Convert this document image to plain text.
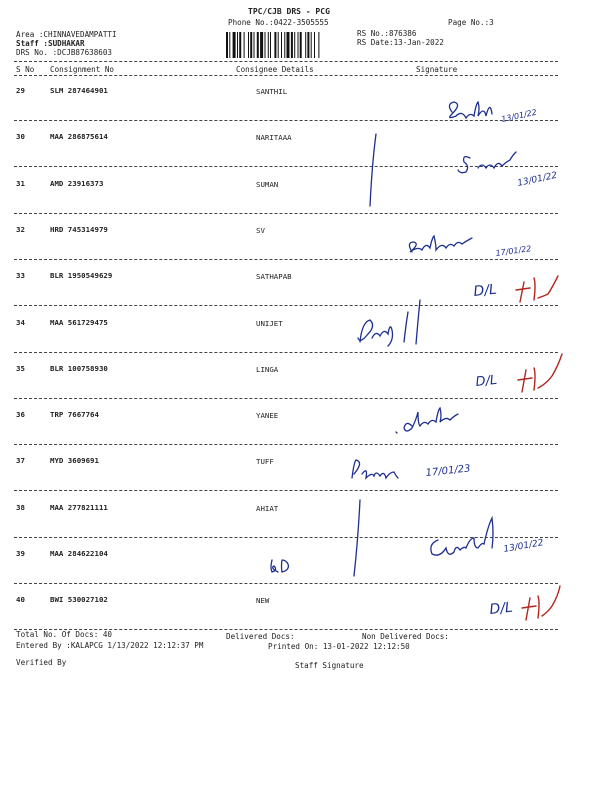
TPC/CJB DRS - PCG
Phone No.:0422-3505555	Page No.:3
Area :CHINNAVEDAMPATTI
Staff :SUDHAKAR
DRS No. :DCJB87638603
RS No.:876386
RS Date:13-Jan-2022
S No Consignment No	Consignee Details	Signature
29	SLM 287464901	SANTHIL
30	MAA 286875614	NARITAAA
31	AMD 23916373	SUMAN
32	HRD 745314979	SV
33	BLR 1950549629	SATHAPAB
34	MAA 561729475	UNIJET
35	BLR 100758930	LINGA
36	TRP 7667764	YANEE
37	MYD 3609691	TUFF
38	MAA 277821111	AHIAT
39	MAA 284622104
40	BWI 530027102	NEW
Total No. Of Docs: 40	Delivered Docs:	Non Delivered Docs:
Entered By :KALAPCG 1/13/2022 12:12:37 PM	Printed On: 13-01-2022 12:12:50
Verified By	Staff Signature
13/01/22
13/01/22
17/01/22
17/01/23
13/01/22
D/L
D/L
D/L
